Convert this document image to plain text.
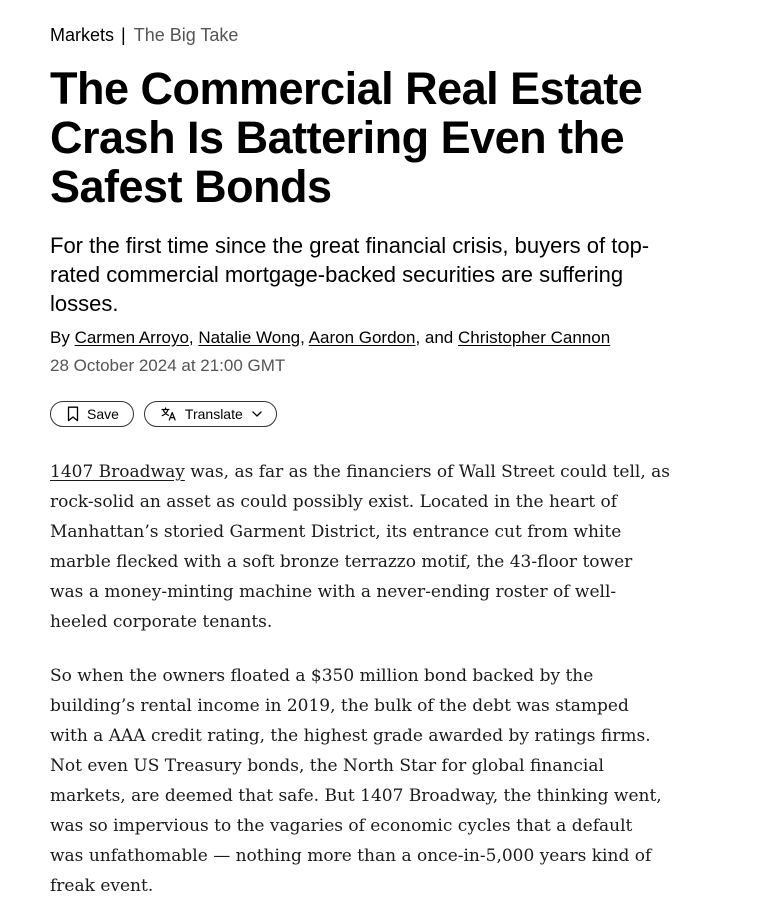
Markets | The Big Take
The Commercial Real Estate Crash Is Battering Even the Safest Bonds
For the first time since the great financial crisis, buyers of top-rated commercial mortgage-backed securities are suffering losses.
By Carmen Arroyo, Natalie Wong, Aaron Gordon, and Christopher Cannon
28 October 2024 at 21:00 GMT
Save	Translate

1407 Broadway was, as far as the financiers of Wall Street could tell, as rock-solid an asset as could possibly exist. Located in the heart of Manhattan’s storied Garment District, its entrance cut from white marble flecked with a soft bronze terrazzo motif, the 43-floor tower was a money-minting machine with a never-ending roster of well-heeled corporate tenants.

So when the owners floated a $350 million bond backed by the building’s rental income in 2019, the bulk of the debt was stamped with a AAA credit rating, the highest grade awarded by ratings firms. Not even US Treasury bonds, the North Star for global financial markets, are deemed that safe. But 1407 Broadway, the thinking went, was so impervious to the vagaries of economic cycles that a default was unfathomable — nothing more than a once-in-5,000 years kind of freak event.
